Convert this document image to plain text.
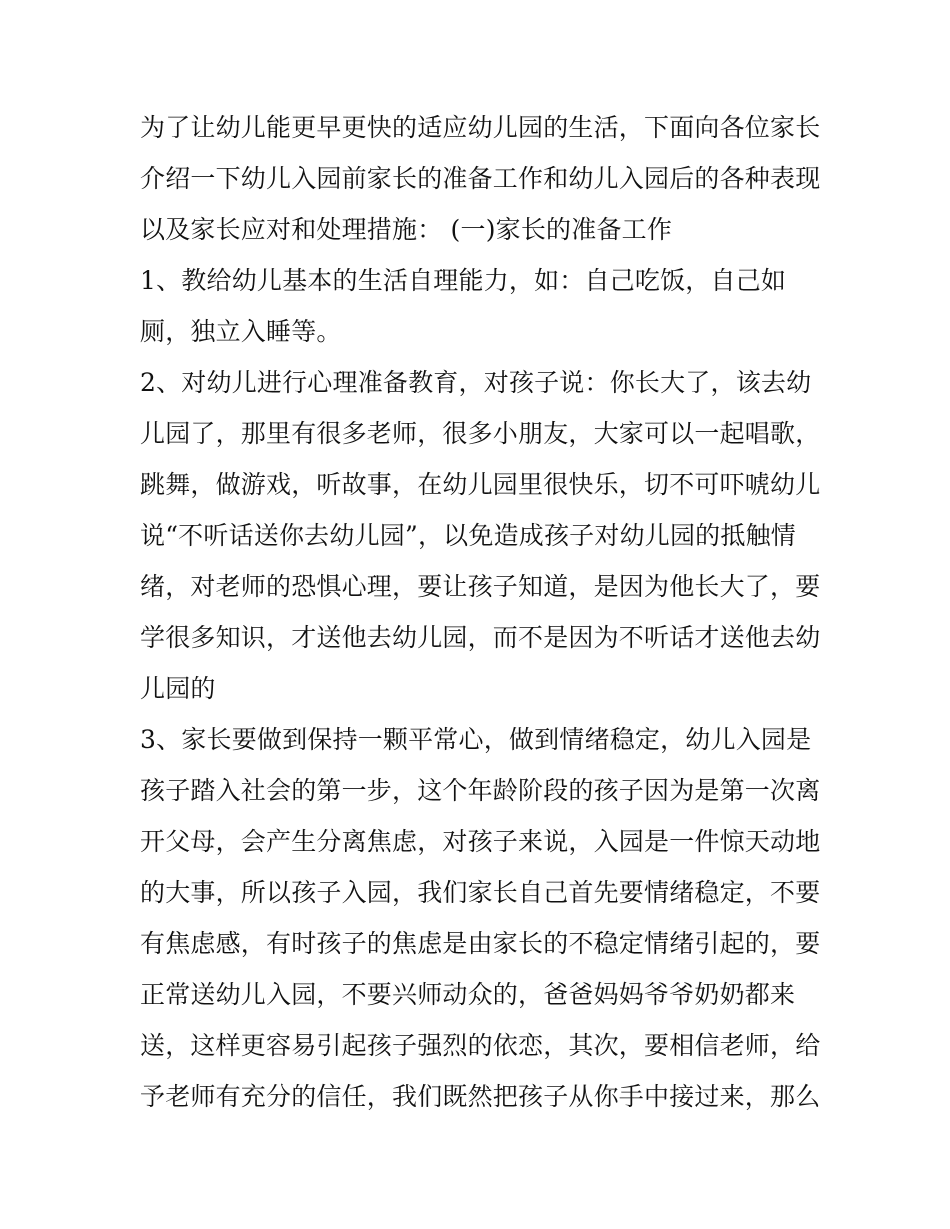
为了让幼儿能更早更快的适应幼儿园的生活，下面向各位家长
介绍一下幼儿入园前家长的准备工作和幼儿入园后的各种表现
以及家长应对和处理措施： (一)家长的准备工作
1、教给幼儿基本的生活自理能力，如：自己吃饭，自己如
厕，独立入睡等。
2、对幼儿进行心理准备教育，对孩子说：你长大了，该去幼
儿园了，那里有很多老师，很多小朋友，大家可以一起唱歌，
跳舞，做游戏，听故事，在幼儿园里很快乐，切不可吓唬幼儿
说“不听话送你去幼儿园”，以免造成孩子对幼儿园的抵触情
绪，对老师的恐惧心理，要让孩子知道，是因为他长大了，要
学很多知识，才送他去幼儿园，而不是因为不听话才送他去幼
儿园的
3、家长要做到保持一颗平常心，做到情绪稳定，幼儿入园是
孩子踏入社会的第一步，这个年龄阶段的孩子因为是第一次离
开父母，会产生分离焦虑，对孩子来说，入园是一件惊天动地
的大事，所以孩子入园，我们家长自己首先要情绪稳定，不要
有焦虑感，有时孩子的焦虑是由家长的不稳定情绪引起的，要
正常送幼儿入园，不要兴师动众的，爸爸妈妈爷爷奶奶都来
送，这样更容易引起孩子强烈的依恋，其次，要相信老师，给
予老师有充分的信任，我们既然把孩子从你手中接过来，那么
